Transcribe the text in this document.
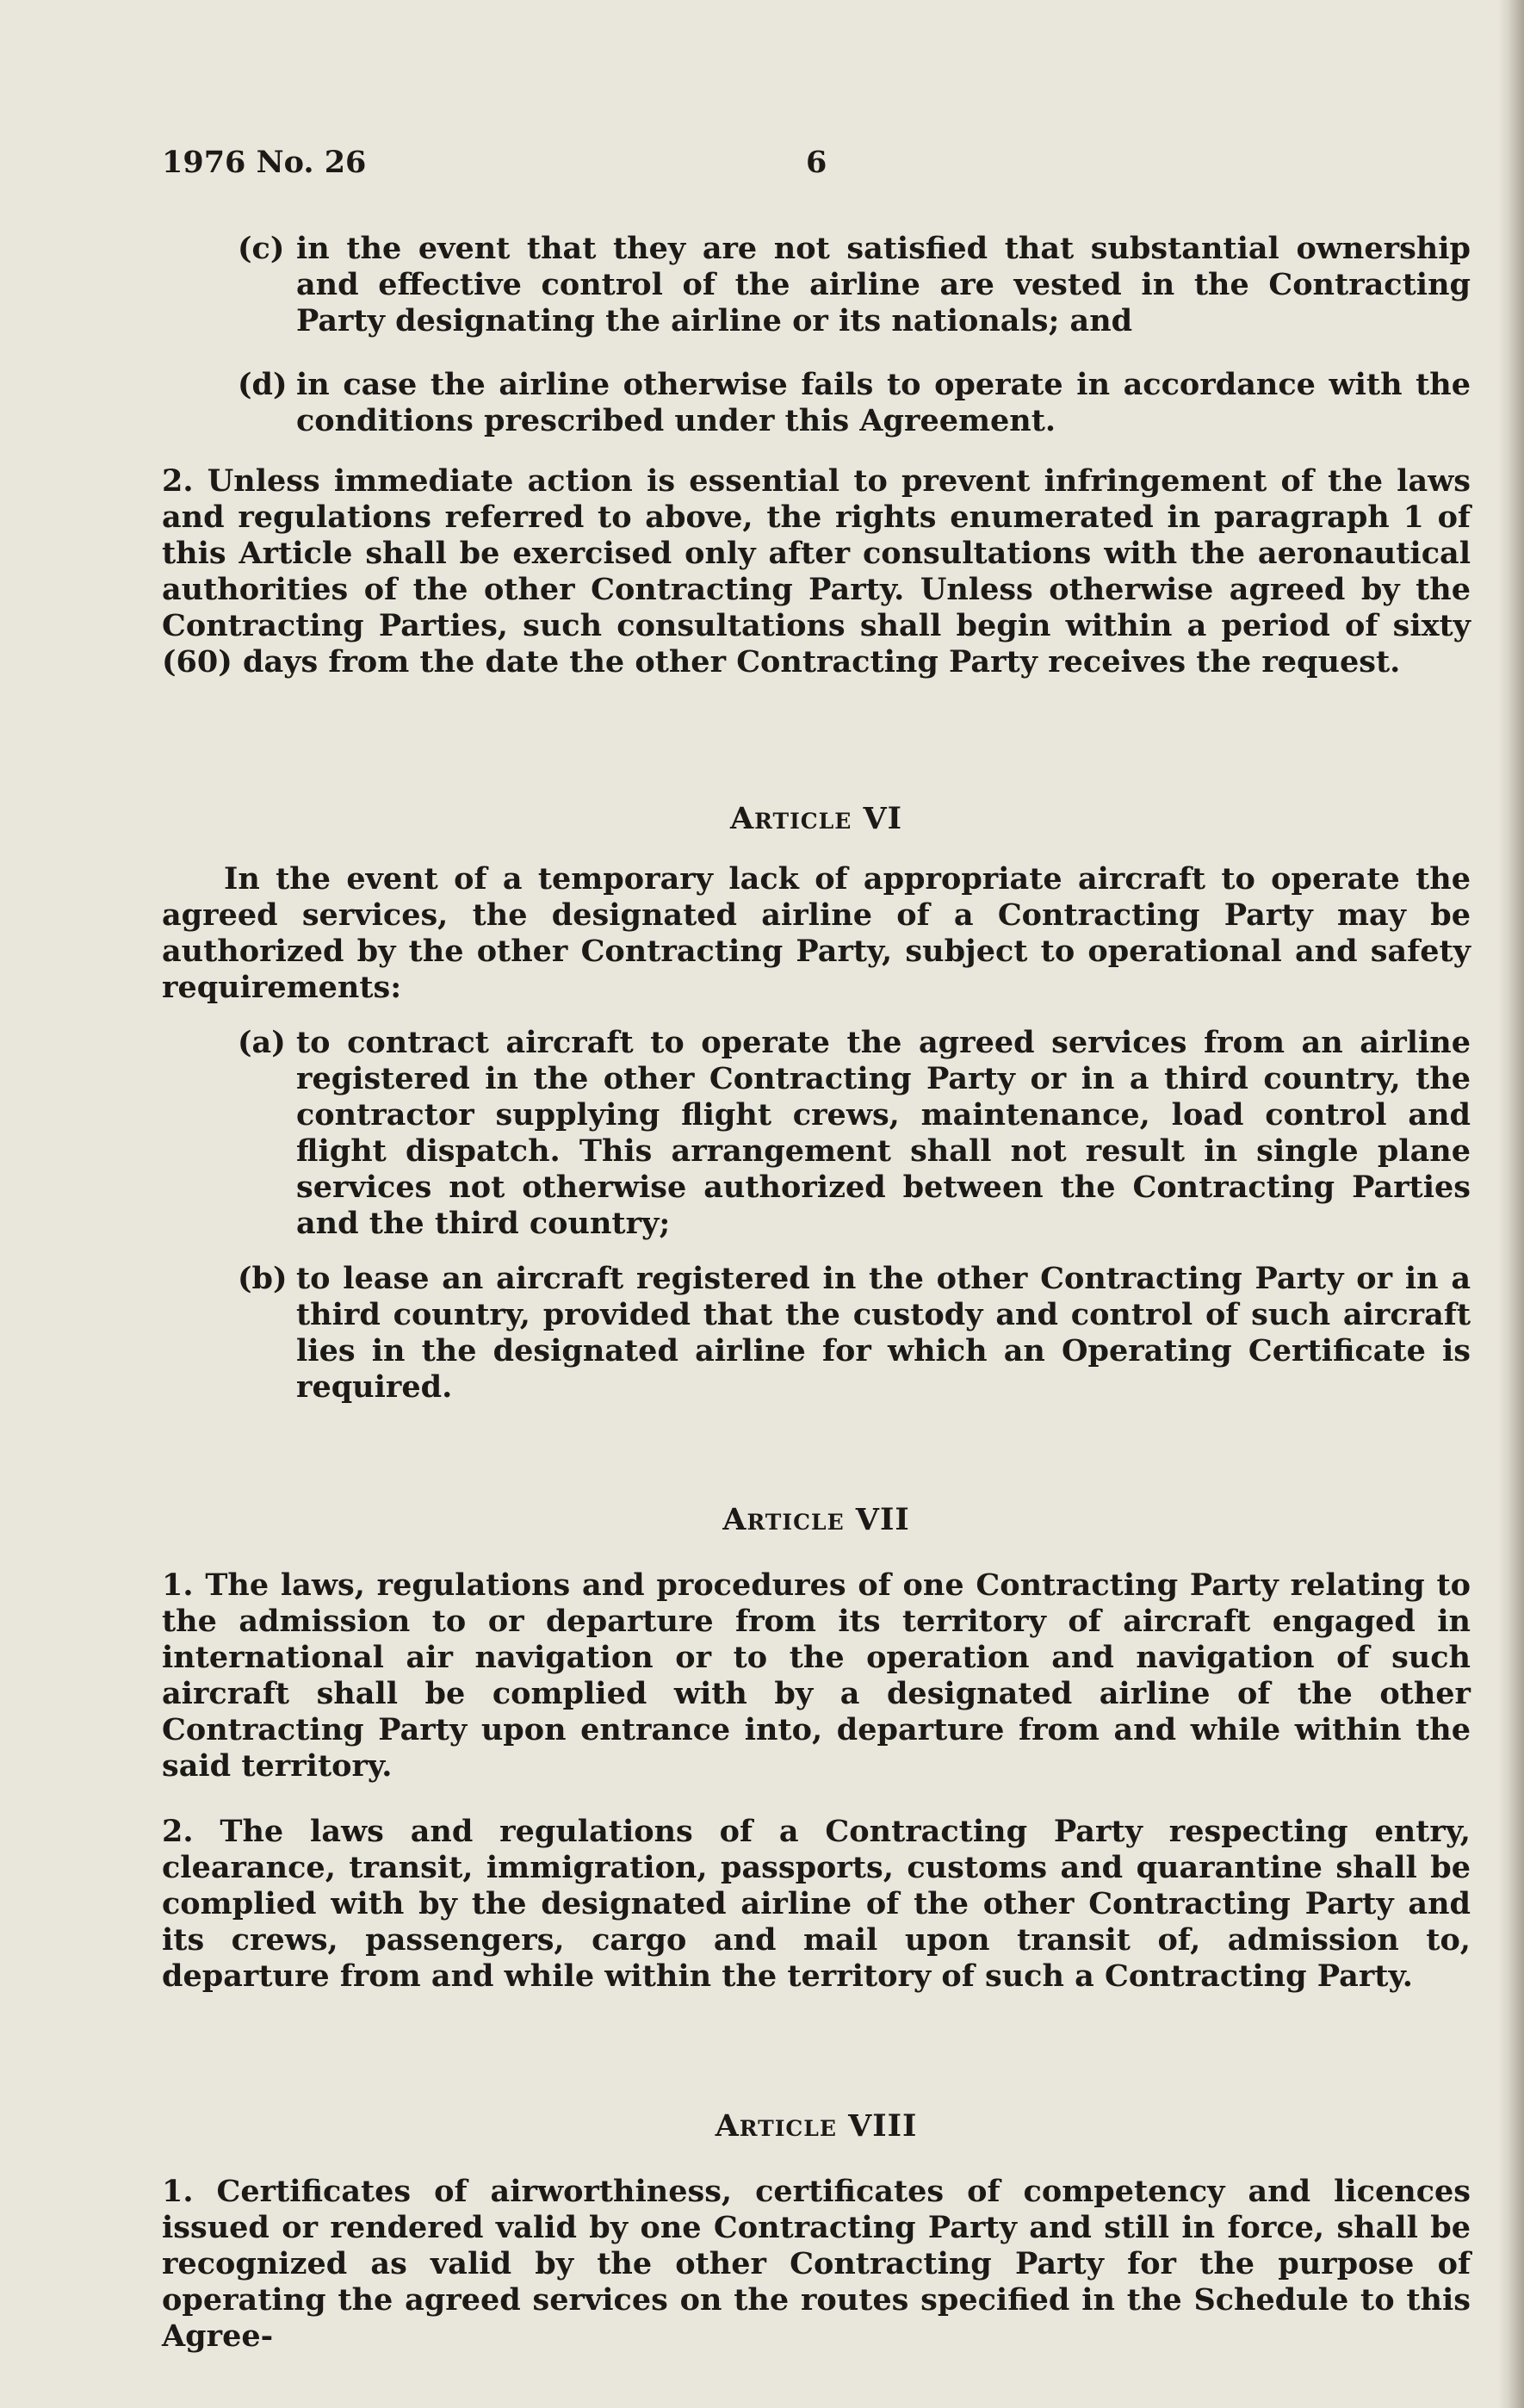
1976 No. 26	6
(c) in the event that they are not satisfied that substantial ownership and effective control of the airline are vested in the Contracting Party designating the airline or its nationals; and
(d) in case the airline otherwise fails to operate in accordance with the conditions prescribed under this Agreement.

2. Unless immediate action is essential to prevent infringement of the laws and regulations referred to above, the rights enumerated in paragraph 1 of this Article shall be exercised only after consultations with the aeronautical authorities of the other Contracting Party. Unless otherwise agreed by the Contracting Parties, such consultations shall begin within a period of sixty (60) days from the date the other Contracting Party receives the request.

Article VI

In the event of a temporary lack of appropriate aircraft to operate the agreed services, the designated airline of a Contracting Party may be authorized by the other Contracting Party, subject to operational and safety requirements:

(a) to contract aircraft to operate the agreed services from an airline registered in the other Contracting Party or in a third country, the contractor supplying flight crews, maintenance, load control and flight dispatch. This arrangement shall not result in single plane services not otherwise authorized between the Contracting Parties and the third country;
(b) to lease an aircraft registered in the other Contracting Party or in a third country, provided that the custody and control of such aircraft lies in the designated airline for which an Operating Certificate is required.
Article VII

1. The laws, regulations and procedures of one Contracting Party relating to the admission to or departure from its territory of aircraft engaged in international air navigation or to the operation and navigation of such aircraft shall be complied with by a designated airline of the other Contracting Party upon entrance into, departure from and while within the said territory.

2. The laws and regulations of a Contracting Party respecting entry, clearance, transit, immigration, passports, customs and quarantine shall be complied with by the designated airline of the other Contracting Party and its crews, passengers, cargo and mail upon transit of, admission to, departure from and while within the territory of such a Contracting Party.

Article VIII

1. Certificates of airworthiness, certificates of competency and licences issued or rendered valid by one Contracting Party and still in force, shall be recognized as valid by the other Contracting Party for the purpose of operating the agreed services on the routes specified in the Schedule to this Agree-
